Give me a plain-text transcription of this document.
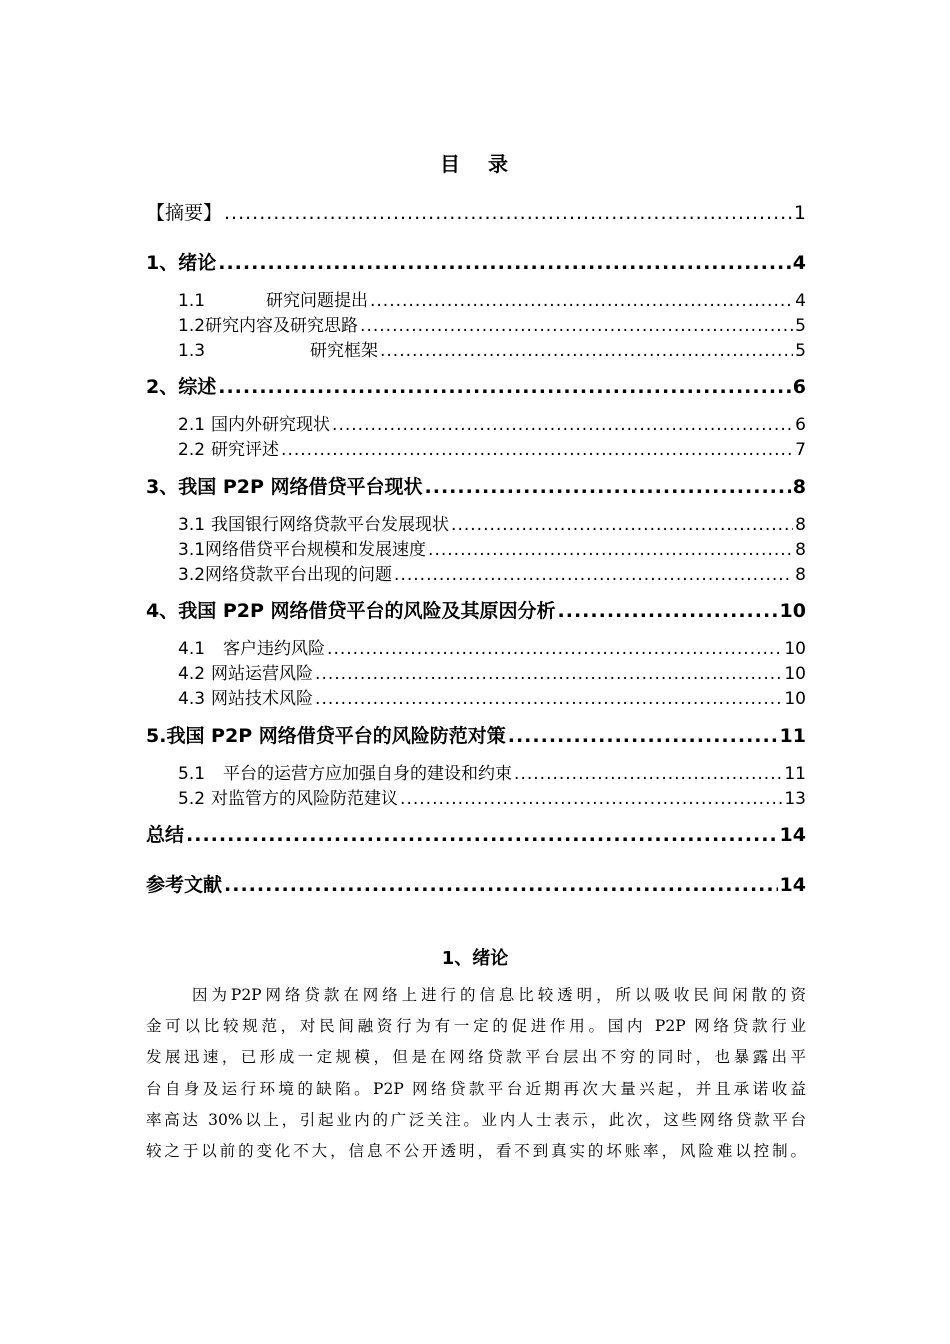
目 录
【摘要】 .....	1
1、绪论 .....	4
1.1	研究问题提出 .....	4
1.2研究内容及研究思路 .....	5
1.3	研究框架 .....	5
2、综述 .....	6
2.1 国内外研究现状 .....	6
2.2 研究评述 .....	7
3、我国 P2P 网络借贷平台现状 .....	8
3.1 我国银行网络贷款平台发展现状 .....	8
3.1网络借贷平台规模和发展速度 .....	8
3.2网络贷款平台出现的问题 .....	8
4、我国 P2P 网络借贷平台的风险及其原因分析 .....	10
4.1 客户违约风险 .....	10
4.2 网站运营风险 .....	10
4.3 网站技术风险 .....	10
5.我国 P2P 网络借贷平台的风险防范对策 .....	11
5.1 平台的运营方应加强自身的建设和约束 .....	11
5.2 对监管方的风险防范建议 .....	13
总结 .....	14
参考文献 .....	14
1、绪论
因为P2P网络贷款在网络上进行的信息比较透明，所以吸收民间闲散的资
金可以比较规范，对民间融资行为有一定的促进作用。国内 P2P 网络贷款行业
发展迅速，已形成一定规模，但是在网络贷款平台层出不穷的同时，也暴露出平
台自身及运行环境的缺陷。P2P 网络贷款平台近期再次大量兴起，并且承诺收益
率高达 30%以上，引起业内的广泛关注。业内人士表示，此次，这些网络贷款平台
较之于以前的变化不大，信息不公开透明，看不到真实的坏账率，风险难以控制。
